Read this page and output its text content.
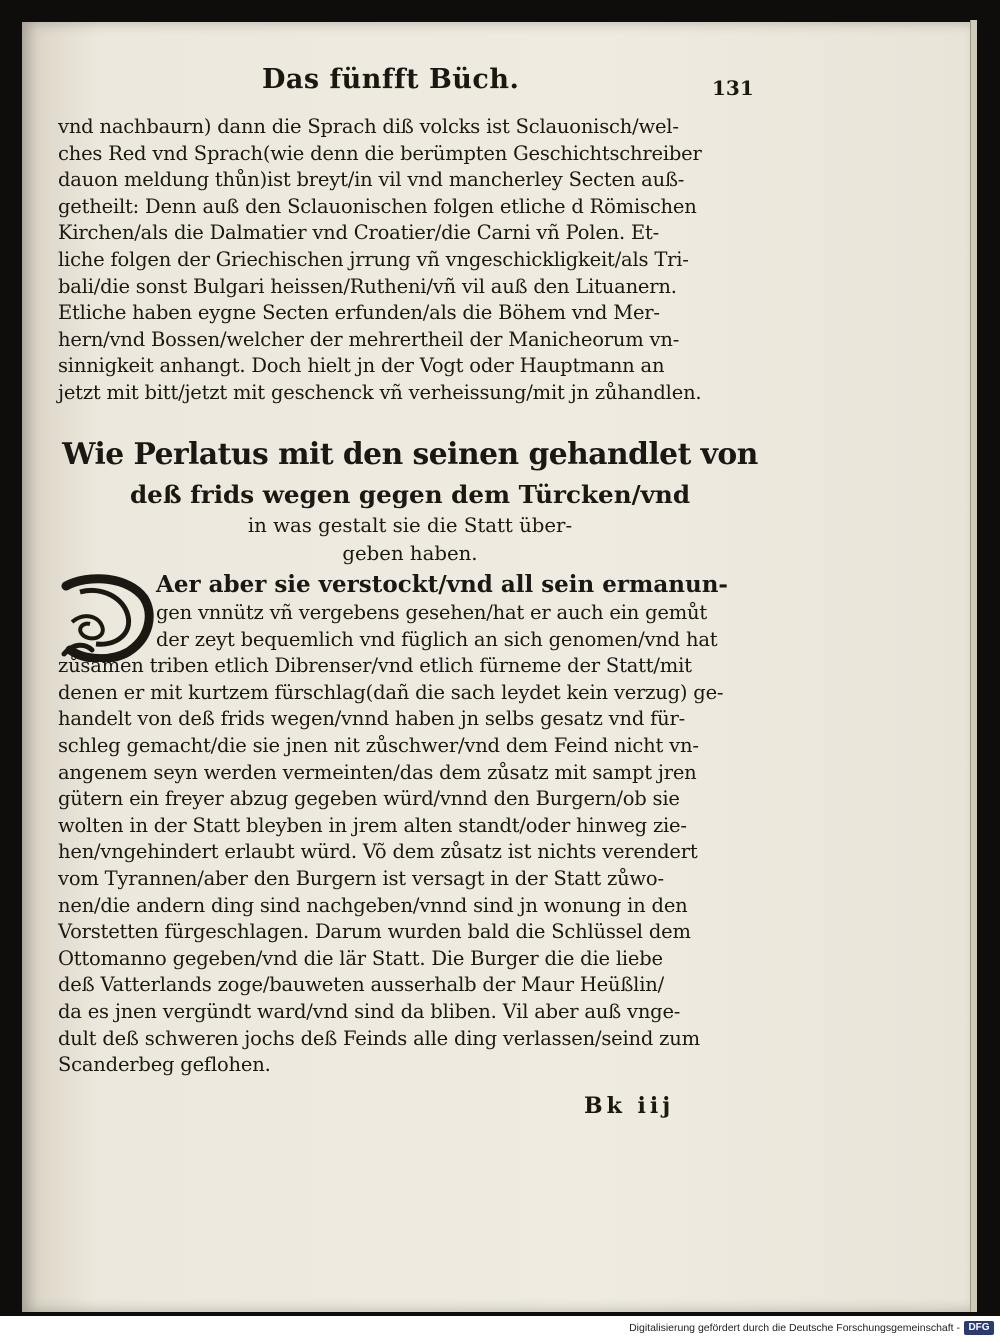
Das fünfft Büch.	131
vnd nachbaurn) dann die Sprach diß volcks ist Sclauonisch/wel-
ches Red vnd Sprach(wie denn die berümpten Geschichtschreiber
dauon meldung thůn)ist breyt/in vil vnd mancherley Secten auß-
getheilt: Denn auß den Sclauonischen folgen etliche d Römischen
Kirchen/als die Dalmatier vnd Croatier/die Carni vñ Polen. Et-
liche folgen der Griechischen jrrung vñ vngeschickligkeit/als Tri-
bali/die sonst Bulgari heissen/Rutheni/vñ vil auß den Lituanern.
Etliche haben eygne Secten erfunden/als die Böhem vnd Mer-
hern/vnd Bossen/welcher der mehrertheil der Manicheorum vn-
sinnigkeit anhangt. Doch hielt jn der Vogt oder Hauptmann an
jetzt mit bitt/jetzt mit geschenck vñ verheissung/mit jn zůhandlen.
Wie Perlatus mit den seinen gehandlet von
deß frids wegen gegen dem Türcken/vnd
in was gestalt sie die Statt über-
geben haben.
Aer aber sie verstockt/vnd all sein ermanun-
gen vnnütz vñ vergebens gesehen/hat er auch ein gemůt
der zeyt bequemlich vnd füglich an sich genomen/vnd hat
zůsamen triben etlich Dibrenser/vnd etlich fürneme der Statt/mit
denen er mit kurtzem fürschlag(dañ die sach leydet kein verzug) ge-
handelt von deß frids wegen/vnnd haben jn selbs gesatz vnd für-
schleg gemacht/die sie jnen nit zůschwer/vnd dem Feind nicht vn-
angenem seyn werden vermeinten/das dem zůsatz mit sampt jren
gütern ein freyer abzug gegeben würd/vnnd den Burgern/ob sie
wolten in der Statt bleyben in jrem alten standt/oder hinweg zie-
hen/vngehindert erlaubt würd. Võ dem zůsatz ist nichts verendert
vom Tyrannen/aber den Burgern ist versagt in der Statt zůwo-
nen/die andern ding sind nachgeben/vnnd sind jn wonung in den
Vorstetten fürgeschlagen. Darum wurden bald die Schlüssel dem
Ottomanno gegeben/vnd die lär Statt. Die Burger die die liebe
deß Vatterlands zoge/bauweten ausserhalb der Maur Heüßlin/
da es jnen vergündt ward/vnd sind da bliben. Vil aber auß vnge-
dult deß schweren jochs deß Feinds alle ding verlassen/seind zum
Scanderbeg geflohen.
Bk iij
Digitalisierung gefördert durch die Deutsche Forschungsgemeinschaft - DFG
